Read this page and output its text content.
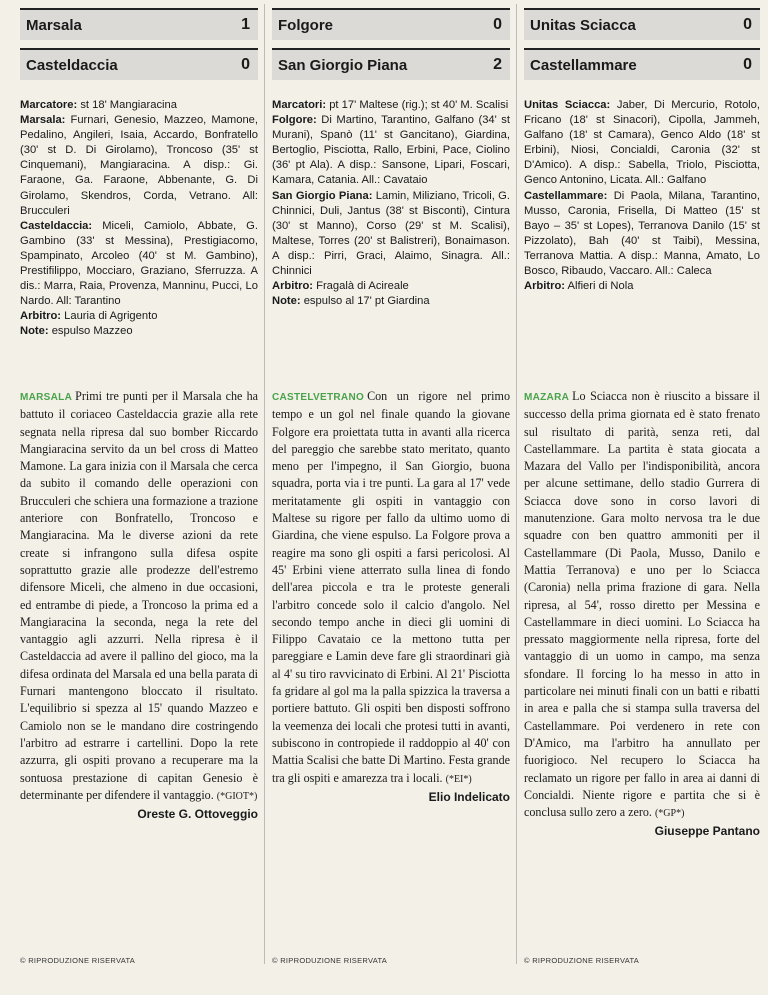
Marsala	1
Casteldaccia	0

Marcatore: st 18' Mangiaracina

Marsala: Furnari, Genesio, Mazzeo, Mamone, Pedalino, Angileri, Isaia, Accardo, Bonfratello (30' st D. Di Girolamo), Troncoso (35' st Cinquemani), Mangiaracina. A disp.: Gi. Faraone, Ga. Faraone, Abbenante, G. Di Girolamo, Skendros, Corda, Vetrano. All: Brucculeri

Casteldaccia: Miceli, Camiolo, Abbate, G. Gambino (33' st Messina), Prestigiacomo, Spampinato, Arcoleo (40' st M. Gambino), Prestifilippo, Mocciaro, Graziano, Sferruzza. A dis.: Marra, Raia, Provenza, Manninu, Pucci, Lo Nardo. All: Tarantino

Arbitro: Lauria di Agrigento

Note: espulso Mazzeo

MARSALA Primi tre punti per il Marsala che ha battuto il coriaceo Casteldaccia grazie alla rete segnata nella ripresa dal suo bomber Riccardo Mangiaracina servito da un bel cross di Matteo Mamone. La gara inizia con il Marsala che cerca da subito il comando delle operazioni con Brucculeri che schiera una formazione a trazione anteriore con Bonfratello, Troncoso e Mangiaracina. Ma le diverse azioni da rete create si infrangono sulla difesa ospite soprattutto grazie alle prodezze dell'estremo difensore Miceli, che almeno in due occasioni, ed entrambe di piede, a Troncoso la prima ed a Mangiaracina la seconda, nega la rete del vantaggio agli azzurri. Nella ripresa è il Casteldaccia ad avere il pallino del gioco, ma la difesa ordinata del Marsala ed una bella parata di Furnari mantengono bloccato il risultato. L'equilibrio si spezza al 15' quando Mazzeo e Camiolo non se le mandano dire costringendo l'arbitro ad estrarre i cartellini. Dopo la rete azzurra, gli ospiti provano a recuperare ma la sontuosa prestazione di capitan Genesio è determinante per difendere il vantaggio. (*GIOT*)
Oreste G. Ottoveggio
© RIPRODUZIONE RISERVATA
Folgore	0
San Giorgio Piana	2

Marcatori: pt 17' Maltese (rig.); st 40' M. Scalisi

Folgore: Di Martino, Tarantino, Galfano (34' st Murani), Spanò (11' st Gancitano), Giardina, Bertoglio, Pisciotta, Rallo, Erbini, Pace, Ciolino (36' pt Ala). A disp.: Sansone, Lipari, Foscari, Kamara, Catania. All.: Cavataio

San Giorgio Piana: Lamin, Miliziano, Tricoli, G. Chinnici, Duli, Jantus (38' st Bisconti), Cintura (30' st Manno), Corso (29' st M. Scalisi), Maltese, Torres (20' st Balistreri), Bonaimason. A disp.: Pirri, Graci, Alaimo, Sinagra. All.: Chinnici

Arbitro: Fragalà di Acireale

Note: espulso al 17' pt Giardina

CASTELVETRANO Con un rigore nel primo tempo e un gol nel finale quando la giovane Folgore era proiettata tutta in avanti alla ricerca del pareggio che sarebbe stato meritato, quanto meno per l'impegno, il San Giorgio, buona squadra, porta via i tre punti. La gara al 17' vede meritatamente gli ospiti in vantaggio con Maltese su rigore per fallo da ultimo uomo di Giardina, che viene espulso. La Folgore prova a reagire ma sono gli ospiti a farsi pericolosi. Al 45' Erbini viene atterrato sulla linea di fondo dell'area piccola e tra le proteste generali l'arbitro concede solo il calcio d'angolo. Nel secondo tempo anche in dieci gli uomini di Filippo Cavataio ce la mettono tutta per pareggiare e Lamin deve fare gli straordinari già al 4' su tiro ravvicinato di Erbini. Al 21' Pisciotta fa gridare al gol ma la palla spizzica la traversa a portiere battuto. Gli ospiti ben disposti soffrono la veemenza dei locali che protesi tutti in avanti, subiscono in contropiede il raddoppio al 40' con Mattia Scalisi che batte Di Martino. Festa grande tra gli ospiti e amarezza tra i locali. (*EI*)
Elio Indelicato
© RIPRODUZIONE RISERVATA
Unitas Sciacca	0
Castellammare	0

Unitas Sciacca: Jaber, Di Mercurio, Rotolo, Fricano (18' st Sinacori), Cipolla, Jammeh, Galfano (18' st Camara), Genco Aldo (18' st Erbini), Niosi, Concialdi, Caronia (32' st D'Amico). A disp.: Sabella, Triolo, Pisciotta, Genco Antonino, Licata. All.: Galfano

Castellammare: Di Paola, Milana, Tarantino, Musso, Caronia, Frisella, Di Matteo (15' st Bayo – 35' st Lopes), Terranova Danilo (15' st Pizzolato), Bah (40' st Taibi), Messina, Terranova Mattia. A disp.: Manna, Amato, Lo Bosco, Ribaudo, Vaccaro. All.: Caleca

Arbitro: Alfieri di Nola

MAZARA Lo Sciacca non è riuscito a bissare il successo della prima giornata ed è stato frenato sul risultato di parità, senza reti, dal Castellammare. La partita è stata giocata a Mazara del Vallo per l'indisponibilità, ancora per alcune settimane, dello stadio Gurrera di Sciacca dove sono in corso lavori di manutenzione. Gara molto nervosa tra le due squadre con ben quattro ammoniti per il Castellammare (Di Paola, Musso, Danilo e Mattia Terranova) e uno per lo Sciacca (Caronia) nella prima frazione di gara. Nella ripresa, al 54', rosso diretto per Messina e Castellammare in dieci uomini. Lo Sciacca ha pressato maggiormente nella ripresa, forte del vantaggio di un uomo in campo, ma senza sfondare. Il forcing lo ha messo in atto in particolare nei minuti finali con un batti e ribatti in area e palla che si stampa sulla traversa del Castellammare. Poi verdenero in rete con D'Amico, ma l'arbitro ha annullato per fuorigioco. Nel recupero lo Sciacca ha reclamato un rigore per fallo in area ai danni di Concialdi. Niente rigore e partita che si è conclusa sullo zero a zero. (*GP*)
Giuseppe Pantano
© RIPRODUZIONE RISERVATA
